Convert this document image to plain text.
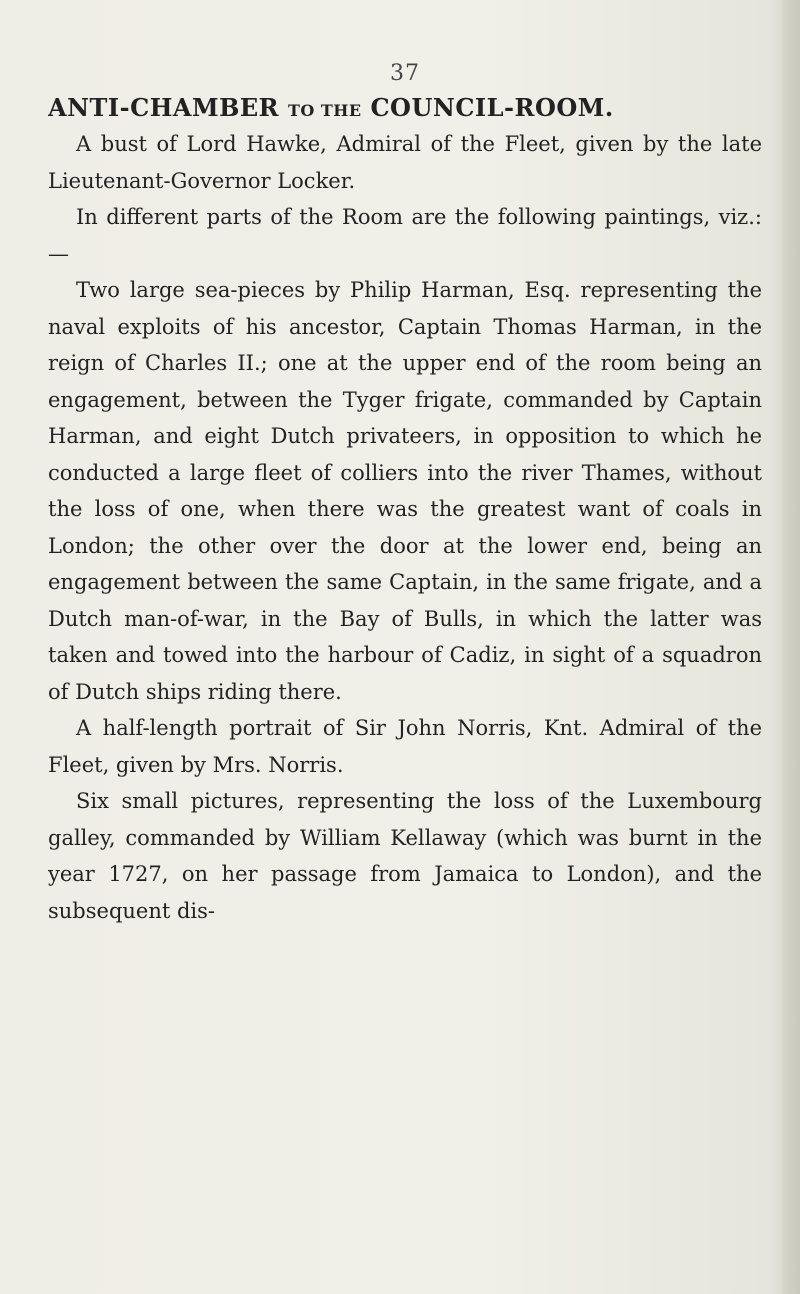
37
ANTI-CHAMBER TO THE COUNCIL-ROOM.

A bust of Lord Hawke, Admiral of the Fleet, given by the late Lieutenant-Governor Locker.

In different parts of the Room are the following paintings, viz.:—

Two large sea-pieces by Philip Harman, Esq. representing the naval exploits of his ancestor, Captain Thomas Harman, in the reign of Charles II.; one at the upper end of the room being an engagement, between the Tyger frigate, commanded by Captain Harman, and eight Dutch privateers, in opposition to which he conducted a large fleet of colliers into the river Thames, without the loss of one, when there was the greatest want of coals in London; the other over the door at the lower end, being an engagement between the same Captain, in the same frigate, and a Dutch man-of-war, in the Bay of Bulls, in which the latter was taken and towed into the harbour of Cadiz, in sight of a squadron of Dutch ships riding there.

A half-length portrait of Sir John Norris, Knt. Admiral of the Fleet, given by Mrs. Norris.

Six small pictures, representing the loss of the Luxembourg galley, commanded by William Kellaway (which was burnt in the year 1727, on her passage from Jamaica to London), and the subsequent dis-
